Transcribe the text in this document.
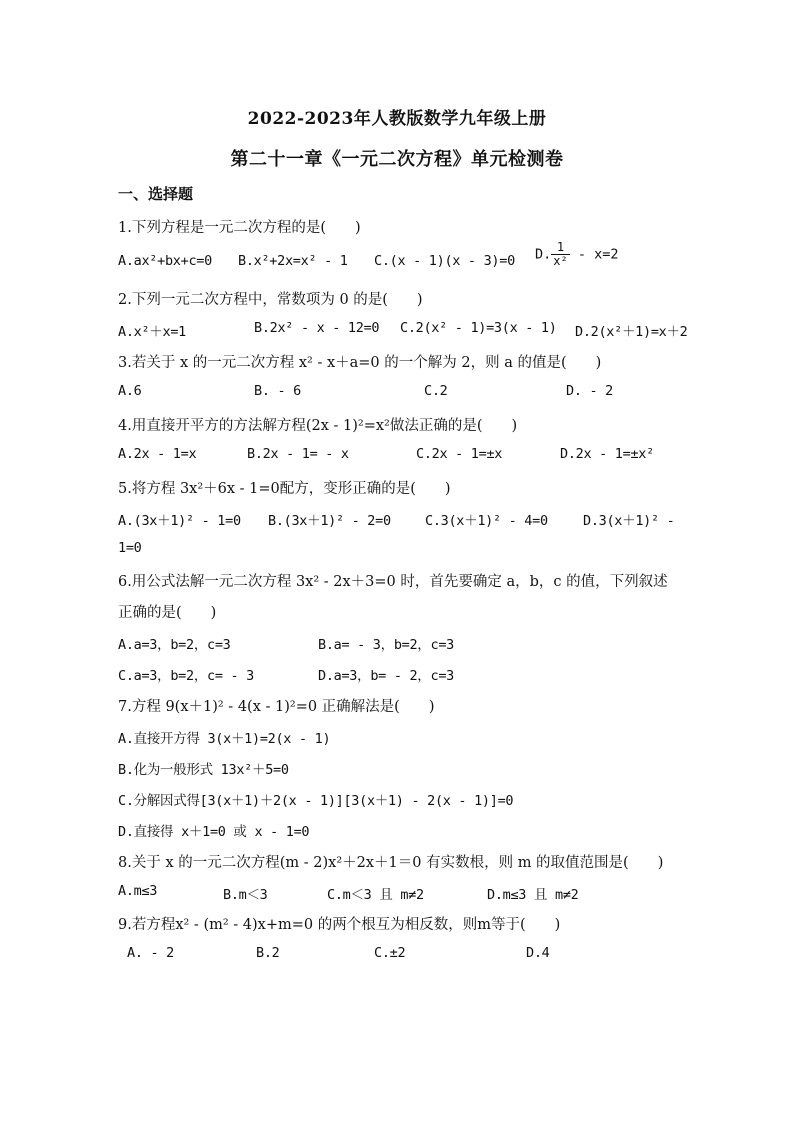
2022-2023年人教版数学九年级上册
第二十一章《一元二次方程》单元检测卷
一、选择题
1.下列方程是一元二次方程的是(　　)
A.ax²+bx+c=0 B.x²+2x=x² - 1 C.(x - 1)(x - 3)=0 D. $\frac{1}{\text{x²}} - x=2$
2.下列一元二次方程中，常数项为 0 的是(　　)
A.x²＋x=1	B.2x² - x - 12=0 C.2(x² - 1)=3(x - 1) D.2(x²＋1)=x＋2
3.若关于 x 的一元二次方程 x² - x＋a=0 的一个解为 2，则 a 的值是(　　)
A.6	B. - 6	C.2	D. - 2
4.用直接开平方的方法解方程(2x - 1)²=x²做法正确的是(　　)
A.2x - 1=x	B.2x - 1= - x	C.2x - 1=±x	D.2x - 1=±x²
5.将方程 3x²＋6x - 1=0配方，变形正确的是(　　)
A.(3x＋1)² - 1=0 B.(3x＋1)² - 2=0	C.3(x＋1)² - 4=0	D.3(x＋1)² -
1=0
6.用公式法解一元二次方程 3x² - 2x＋3=0 时，首先要确定 a，b，c 的值，下列叙述
正确的是(　　)
A.a=3，b=2，c=3	B.a= - 3，b=2，c=3
C.a=3，b=2，c= - 3	D.a=3，b= - 2，c=3
7.方程 9(x＋1)² - 4(x - 1)²=0 正确解法是(　　)
A.直接开方得 3(x＋1)=2(x - 1)
B.化为一般形式 13x²＋5=0
C.分解因式得[3(x＋1)＋2(x - 1)][3(x＋1) - 2(x - 1)]=0
D.直接得 x＋1=0 或 x - 1=0
8.关于 x 的一元二次方程(m - 2)x²＋2x＋1＝0 有实数根，则 m 的取值范围是(　　)
A.m≤3	B.m＜3	C.m＜3 且 m≠2	D.m≤3 且 m≠2
9.若方程x² - (m² - 4)x+m=0 的两个根互为相反数，则m等于(　　)
A. - 2	B.2	C.±2	D.4
